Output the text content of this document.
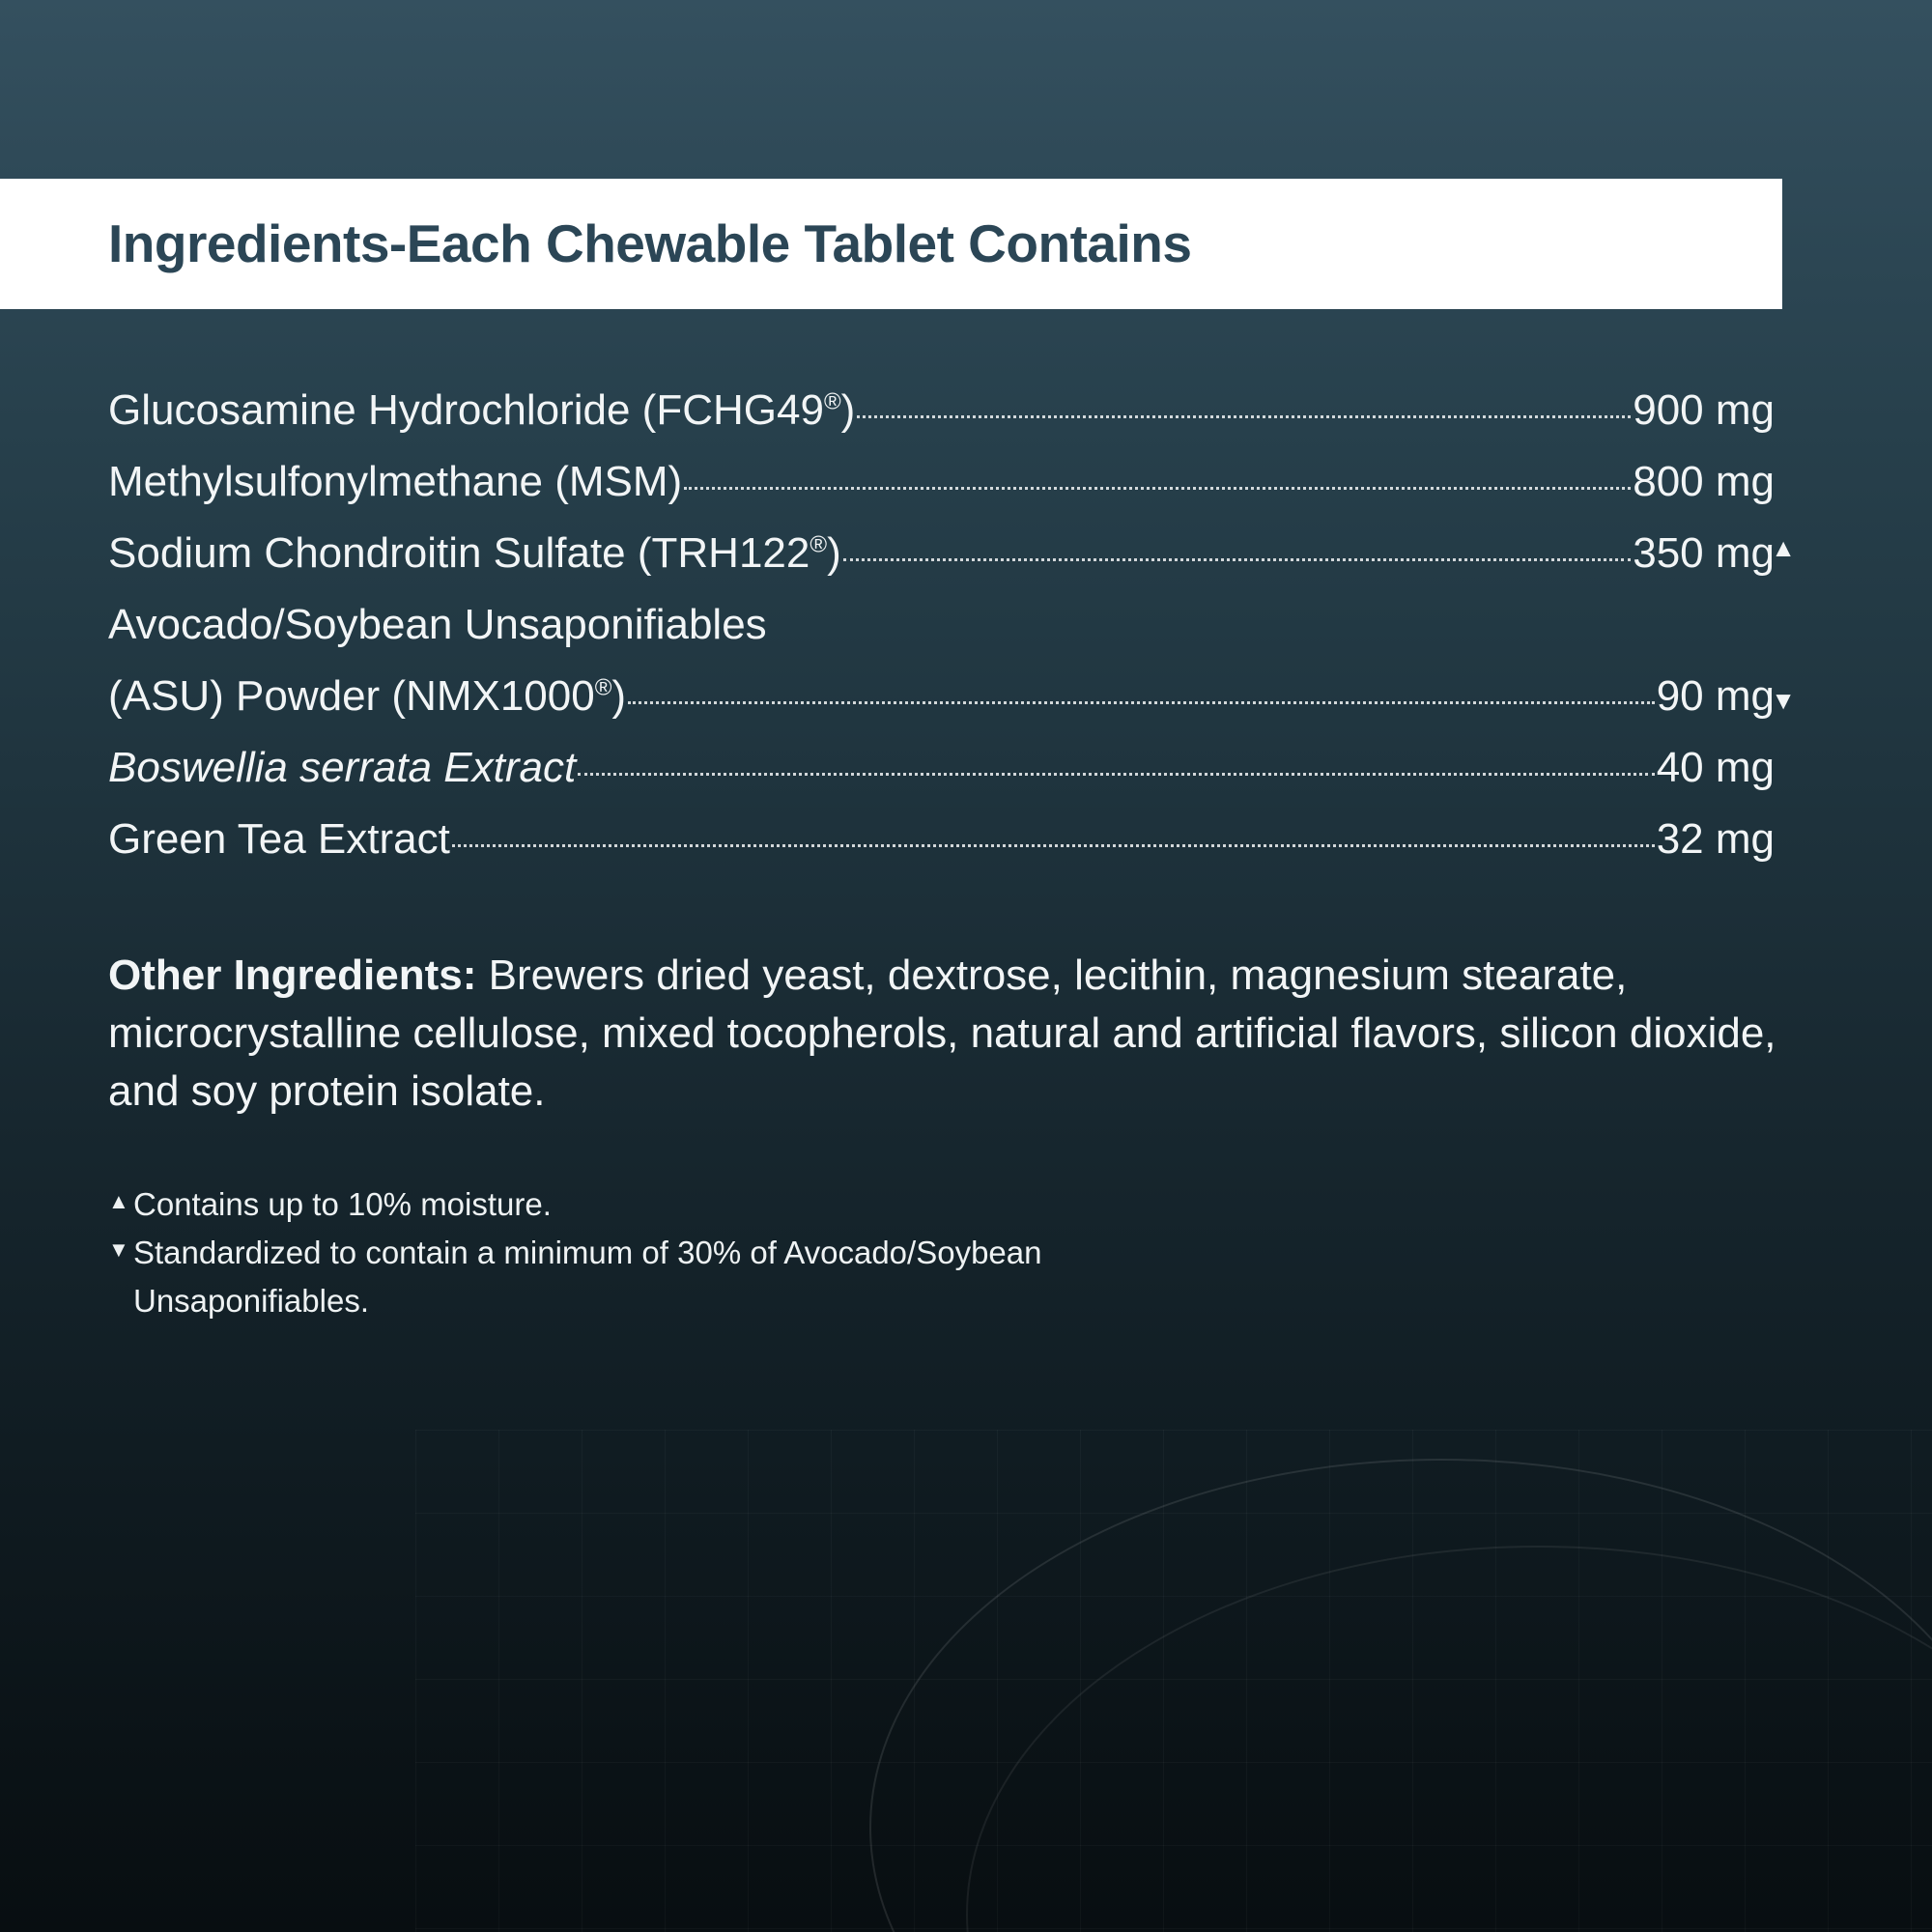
Ingredients-Each Chewable Tablet Contains
Glucosamine Hydrochloride (FCHG49®)	900 mg
Methylsulfonylmethane (MSM)	800 mg
Sodium Chondroitin Sulfate (TRH122®)	350 mg
▲
Avocado/Soybean Unsaponifiables
(ASU) Powder (NMX1000®)	90 mg
▼
Boswellia serrata Extract	40 mg
Green Tea Extract	32 mg
Other Ingredients: Brewers dried yeast, dextrose, lecithin, magnesium stearate, microcrystalline cellulose, mixed tocopherols, natural and artificial flavors, silicon dioxide, and soy protein isolate.
▲ Contains up to 10% moisture.
▼ Standardized to contain a minimum of 30% of Avocado/Soybean
Unsaponifiables.
